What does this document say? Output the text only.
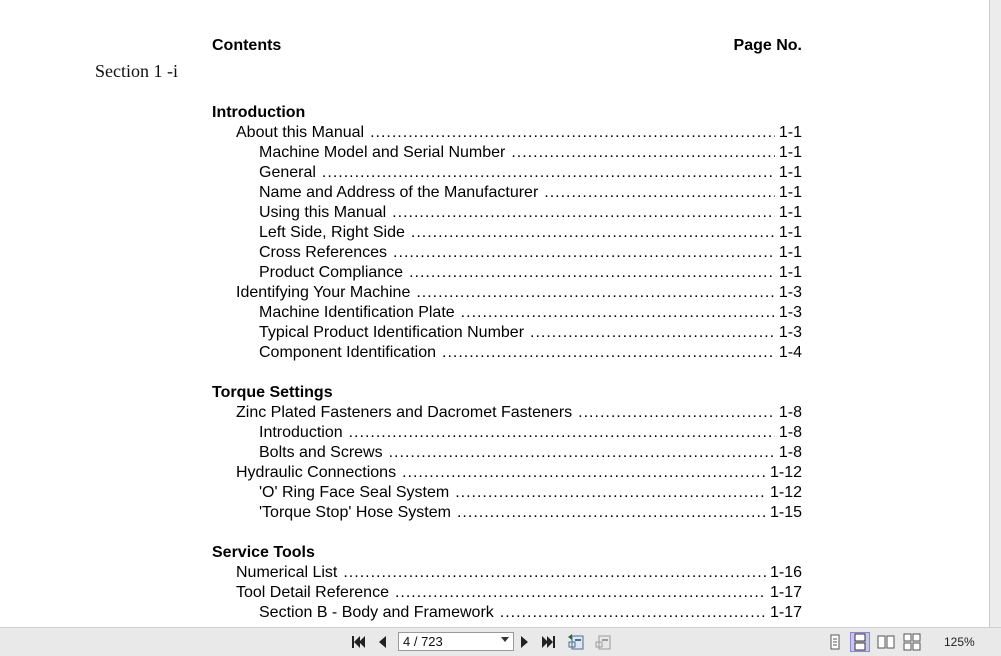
Section 1 -i
Contents	Page No.
Introduction
About this Manual .....	1-1
Machine Model and Serial Number .....	1-1
General .....	1-1
Name and Address of the Manufacturer .....	1-1
Using this Manual .....	1-1
Left Side, Right Side .....	1-1
Cross References .....	1-1
Product Compliance .....	1-1
Identifying Your Machine .....	1-3
Machine Identification Plate .....	1-3
Typical Product Identification Number .....	1-3
Component Identification .....	1-4
Torque Settings
Zinc Plated Fasteners and Dacromet Fasteners .....	1-8
Introduction .....	1-8
Bolts and Screws .....	1-8
Hydraulic Connections .....	1-12
'O' Ring Face Seal System .....	1-12
'Torque Stop' Hose System .....	1-15
Service Tools
Numerical List .....	1-16
Tool Detail Reference .....	1-17
Section B - Body and Framework .....	1-17
4 / 723	125%
